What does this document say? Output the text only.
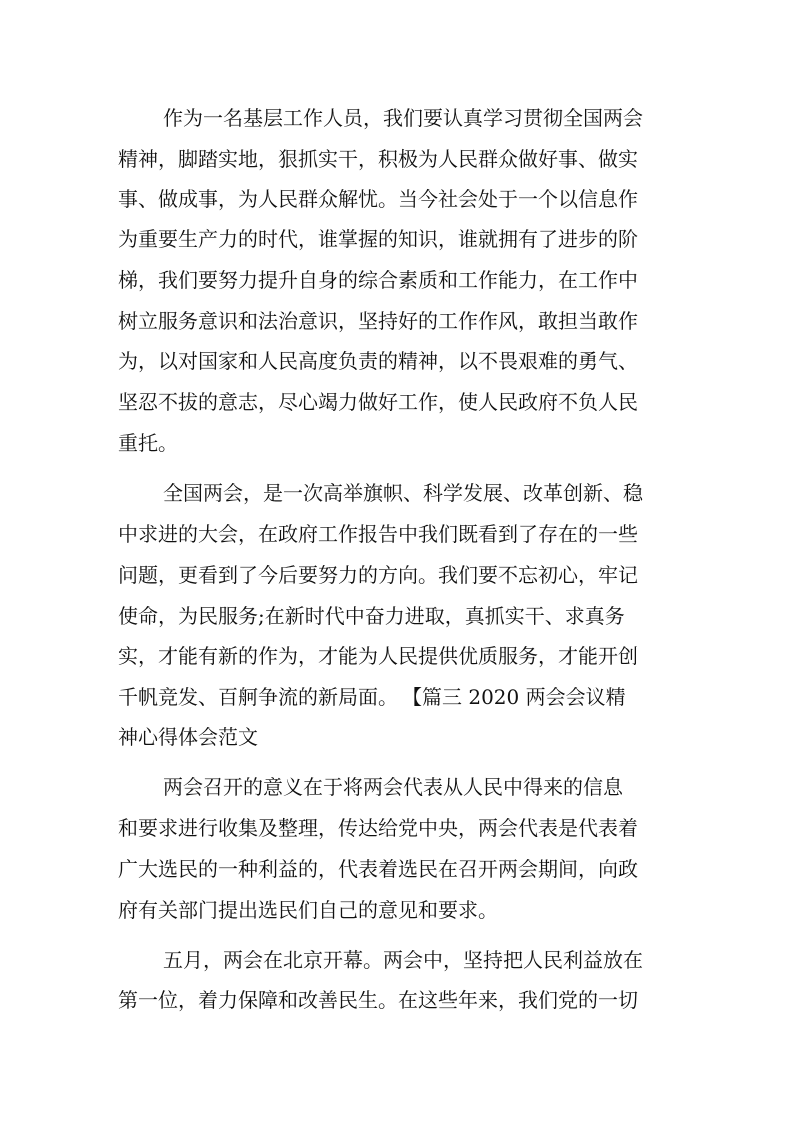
作为一名基层工作人员，我们要认真学习贯彻全国两会
精神，脚踏实地，狠抓实干，积极为人民群众做好事、做实
事、做成事，为人民群众解忧。当今社会处于一个以信息作
为重要生产力的时代，谁掌握的知识，谁就拥有了进步的阶
梯，我们要努力提升自身的综合素质和工作能力，在工作中
树立服务意识和法治意识，坚持好的工作作风，敢担当敢作
为，以对国家和人民高度负责的精神，以不畏艰难的勇气、
坚忍不拔的意志，尽心竭力做好工作，使人民政府不负人民
重托。
全国两会，是一次高举旗帜、科学发展、改革创新、稳
中求进的大会，在政府工作报告中我们既看到了存在的一些
问题，更看到了今后要努力的方向。我们要不忘初心，牢记
使命，为民服务;在新时代中奋力进取，真抓实干、求真务
实，才能有新的作为，才能为人民提供优质服务，才能开创
千帆竞发、百舸争流的新局面。 【篇三 2020 两会会议精
神心得体会范文
两会召开的意义在于将两会代表从人民中得来的信息
和要求进行收集及整理，传达给党中央，两会代表是代表着
广大选民的一种利益的，代表着选民在召开两会期间，向政
府有关部门提出选民们自己的意见和要求。
五月，两会在北京开幕。两会中，坚持把人民利益放在
第一位，着力保障和改善民生。在这些年来，我们党的一切
